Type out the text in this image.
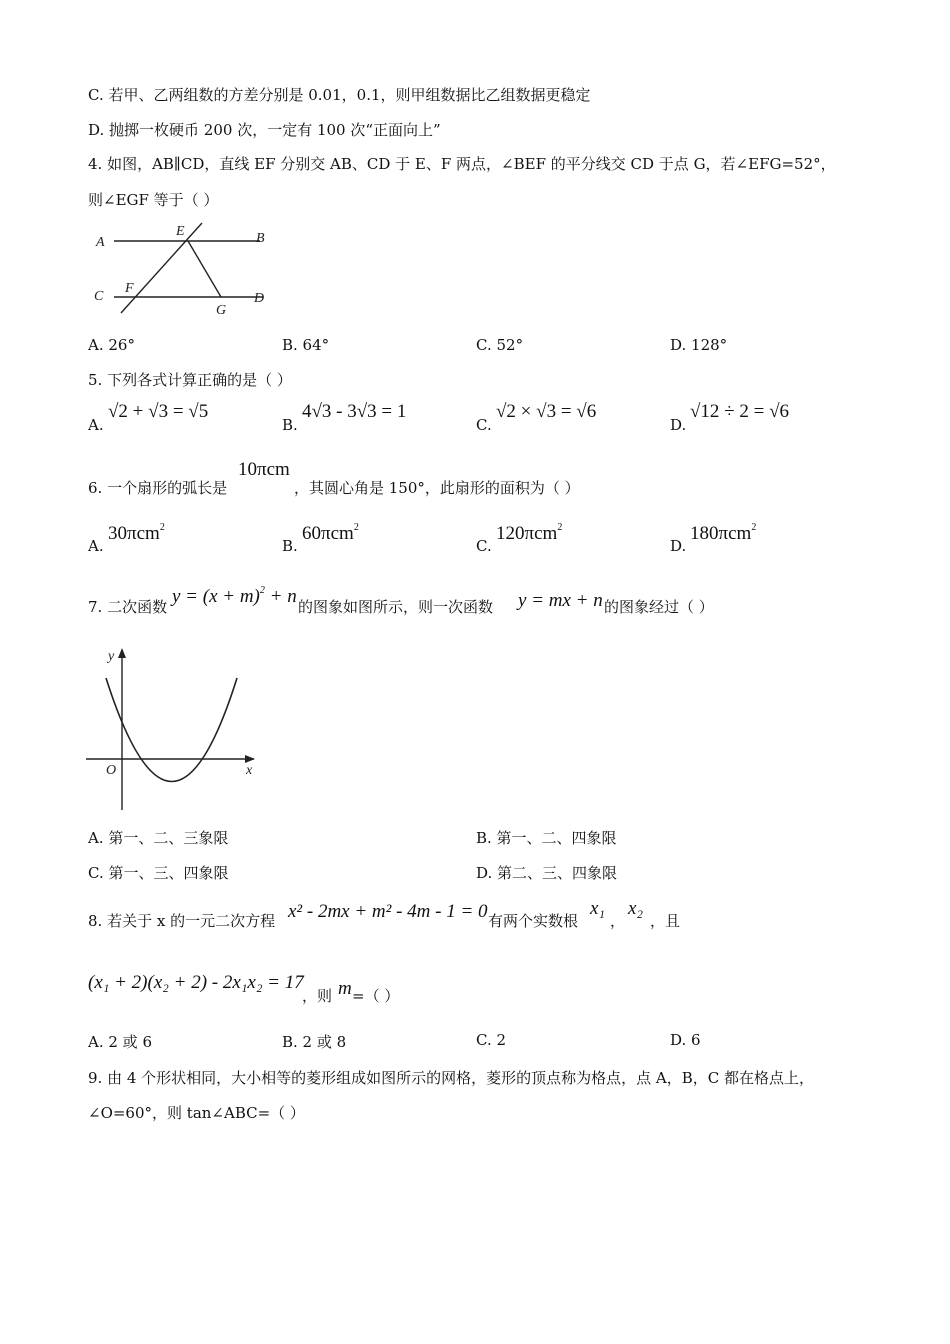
C. 若甲、乙两组数的方差分别是 0.01，0.1，则甲组数据比乙组数据更稳定
D. 抛掷一枚硬币 200 次，一定有 100 次“正面向上”
4. 如图，AB∥CD，直线 EF 分别交 AB、CD 于 E、F 两点，∠BEF 的平分线交 CD 于点 G，若∠EFG=52°，
则∠EGF 等于（ ）
A	B
E
C
F
G
D
A. 26°	B. 64°	C. 52°	D. 128°
5. 下列各式计算正确的是（ ）
A.
√2 + √3 = √5
B.
4√3 - 3√3 = 1
C.
√2 × √3 = √6
D.
√12 ÷ 2 = √6
6. 一个扇形的弧长是
10πcm
，其圆心角是 150°，此扇形的面积为（ ）
A.
30πcm$^2$
B.
60πcm$^2$
C.
120πcm$^2$
D.
180πcm$^2$
7. 二次函数 $y = (x + m)^2 + n$ 的图象如图所示，则一次函数 y = mx + n 的图象经过（ ）
y
x
O
A. 第一、二、三象限	B. 第一、二、四象限
C. 第一、三、四象限	D. 第二、三、四象限
8. 若关于 x 的一元二次方程 x² - 2mx + m² - 4m - 1 = 0 有两个实数根
x₁
，
x₂
，且
(x₁ + 2)(x₂ + 2) - 2x₁x₂ = 17
，则 m =（ ）
A. 2 或 6	B. 2 或 8	C. 2	D. 6
9. 由 4 个形状相同，大小相等的菱形组成如图所示的网格，菱形的顶点称为格点，点 A，B，C 都在格点上，
∠O=60°，则 tan∠ABC=（ ）
